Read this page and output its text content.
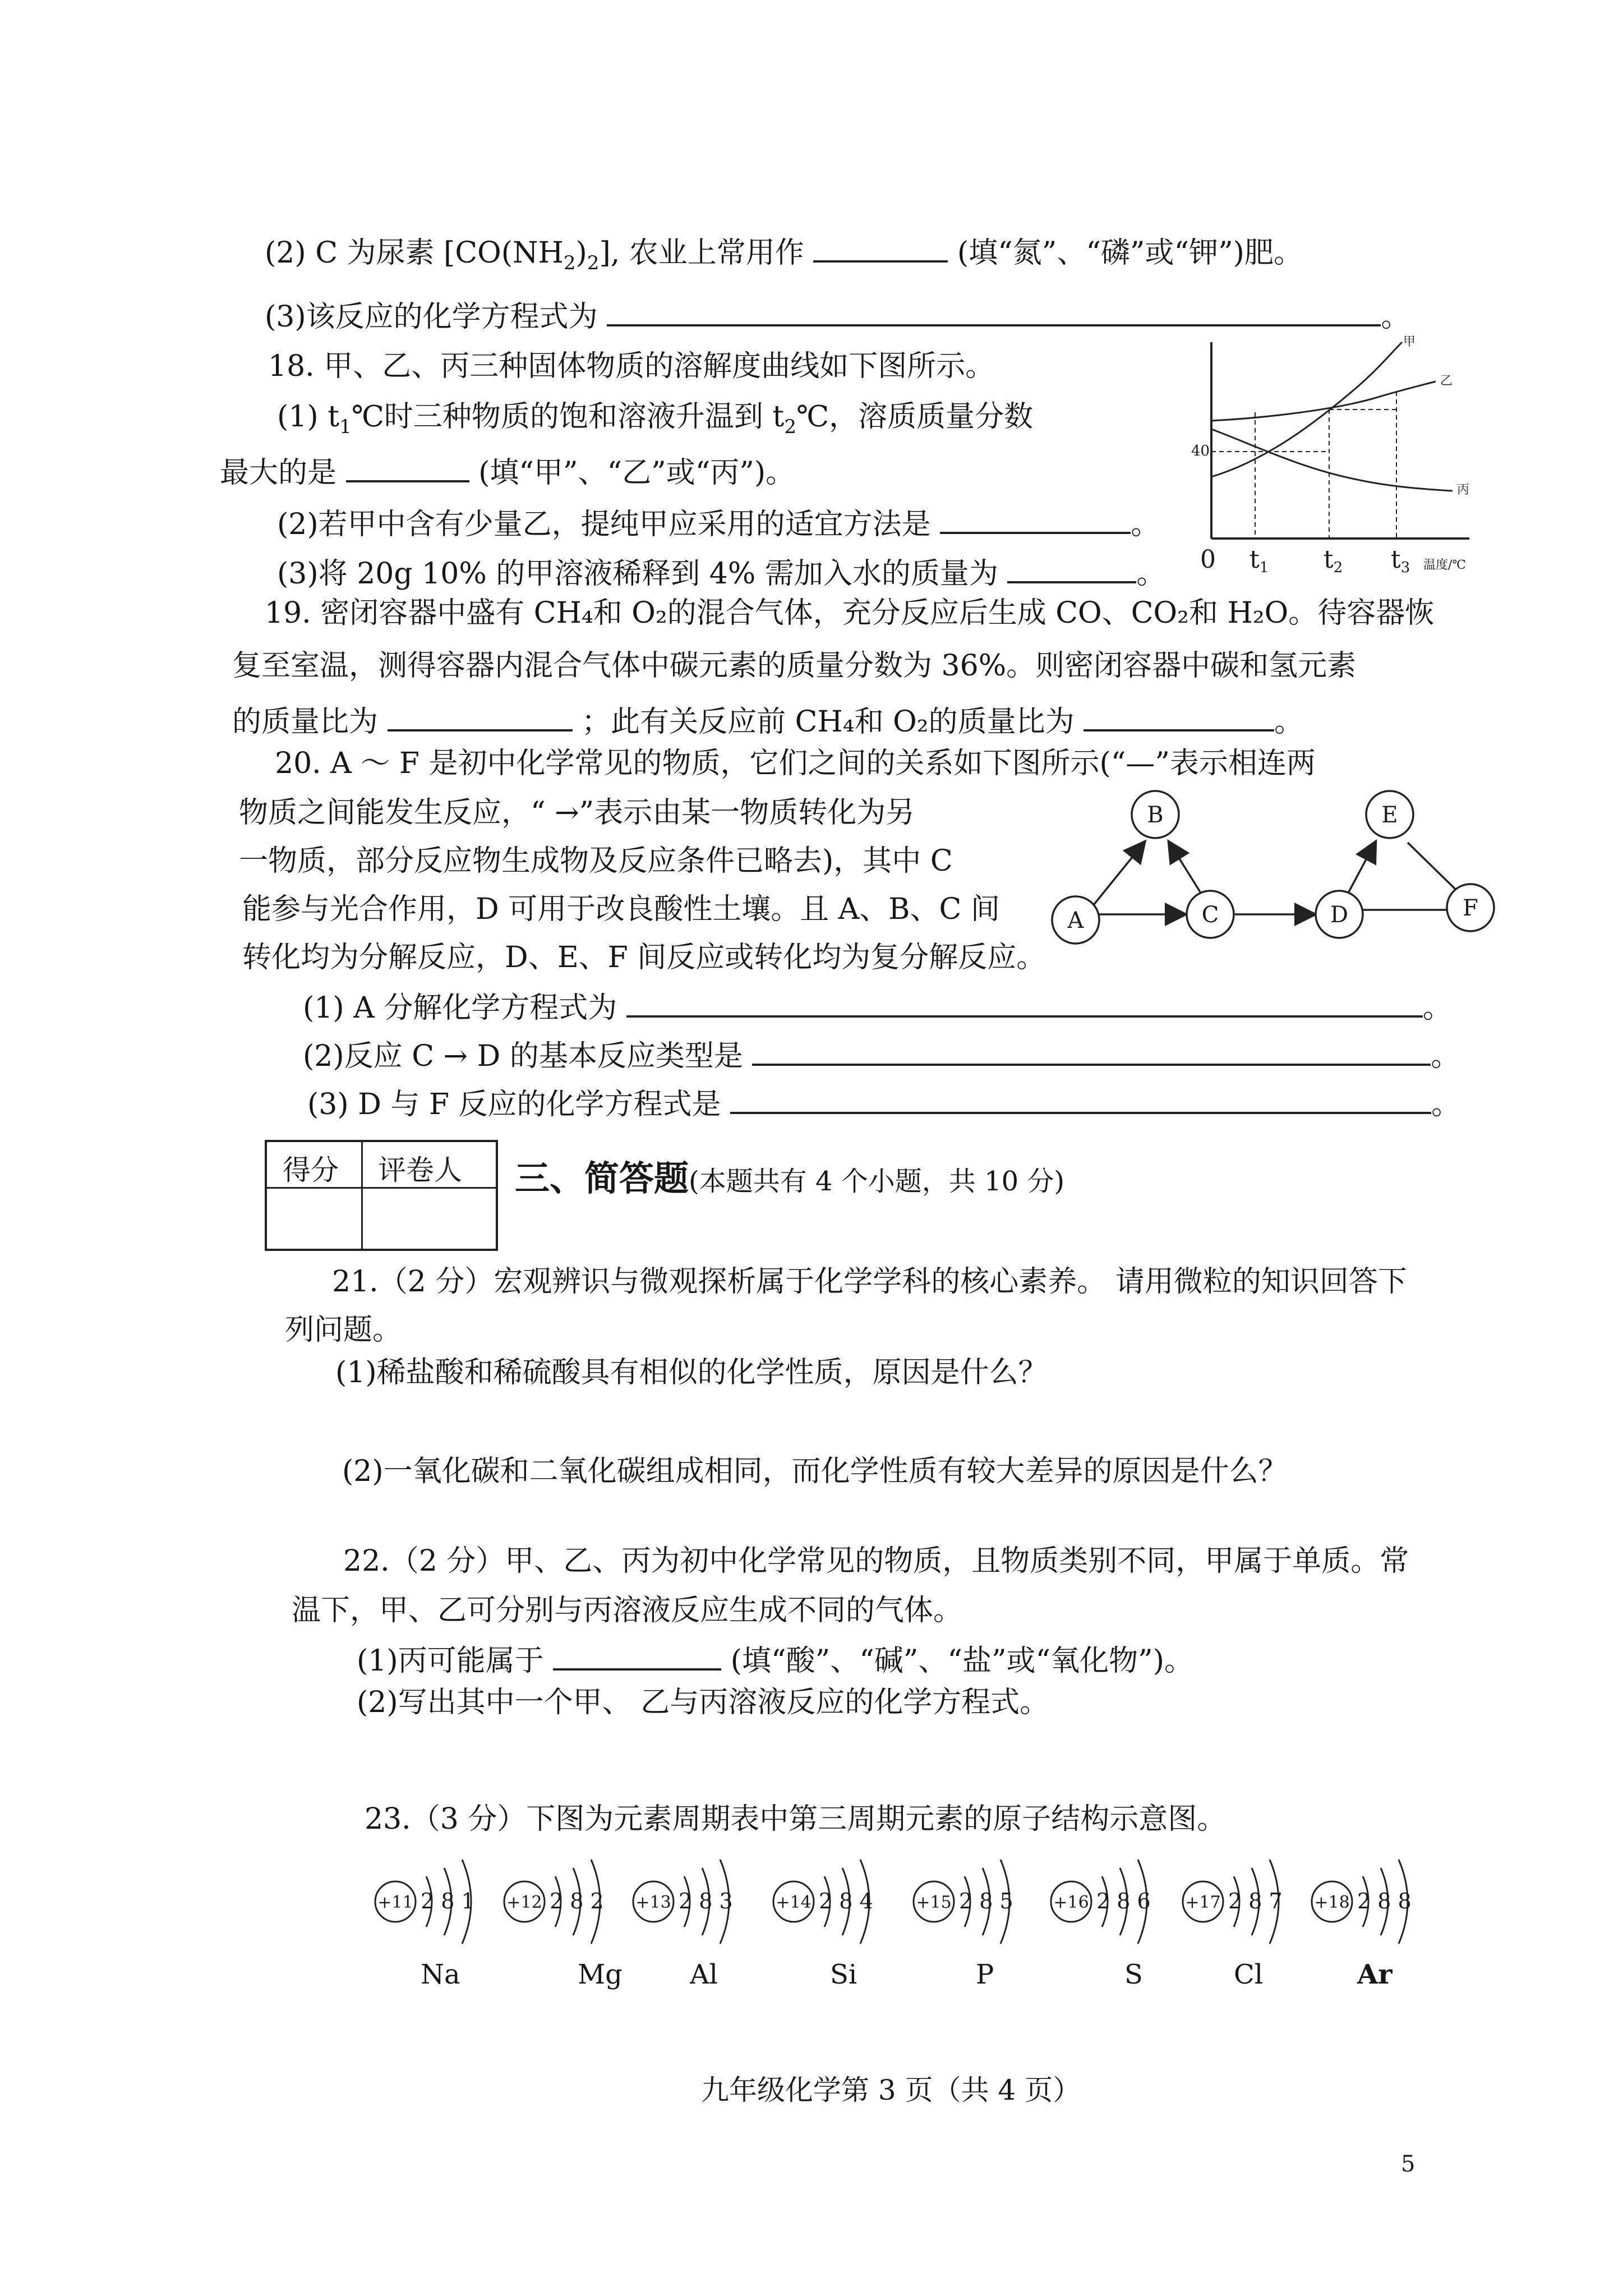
(2) C 为尿素 $[CO(NH_2)_2]$, 农业上常用作	(填“氮”、“磷”或“钾”)肥。
(3)该反应的化学方程式为	。
18. 甲、乙、丙三种固体物质的溶解度曲线如下图所示。
(1) $t_1℃$时三种物质的饱和溶液升温到 $t_2℃$，溶质质量分数
最大的是	(填“甲”、“乙”或“丙”)。
(2)若甲中含有少量乙，提纯甲应采用的适宜方法是	。
(3)将 20g 10% 的甲溶液稀释到 4% 需加入水的质量为	。
甲
乙
丙
40
0 t1 t2 t3 温度/℃
19. 密闭容器中盛有 CH₄和 O₂的混合气体，充分反应后生成 CO、CO₂和 H₂O。待容器恢
复至室温，测得容器内混合气体中碳元素的质量分数为 36%。则密闭容器中碳和氢元素
的质量比为	；此有关反应前 CH₄和 O₂的质量比为	。
20. A ～ F 是初中化学常见的物质，它们之间的关系如下图所示(“—”表示相连两
物质之间能发生反应，“ →”表示由某一物质转化为另
一物质，部分反应物生成物及反应条件已略去)，其中 C
能参与光合作用，D 可用于改良酸性土壤。且 A、B、C 间
转化均为分解反应，D、E、F 间反应或转化均为复分解反应。
A
B
C	D
E
F
(1) A 分解化学方程式为	。
(2)反应 C → D 的基本反应类型是	。
(3) D 与 F 反应的化学方程式是	。
得分 评卷人 三、简答题(本题共有 4 个小题，共 10 分)
21.（2 分）宏观辨识与微观探析属于化学学科的核心素养。 请用微粒的知识回答下
列问题。
(1)稀盐酸和稀硫酸具有相似的化学性质，原因是什么？
(2)一氧化碳和二氧化碳组成相同，而化学性质有较大差异的原因是什么？
22.（2 分）甲、乙、丙为初中化学常见的物质，且物质类别不同，甲属于单质。常
温下，甲、乙可分别与丙溶液反应生成不同的气体。
(1)丙可能属于	(填“酸”、“碱”、“盐”或“氧化物”)。
(2)写出其中一个甲、 乙与丙溶液反应的化学方程式。
23.（3 分）下图为元素周期表中第三周期元素的原子结构示意图。
+11 2 8 1
Na
+12 2 8 2
Mg
+13 2 8 3
Al
+14 2 8 4
Si
+15 2 8 5
P
+16 2 8 6
S
+17 2 8 7
Cl
+18 2 8 8
Ar
九年级化学第 3 页（共 4 页）
5
